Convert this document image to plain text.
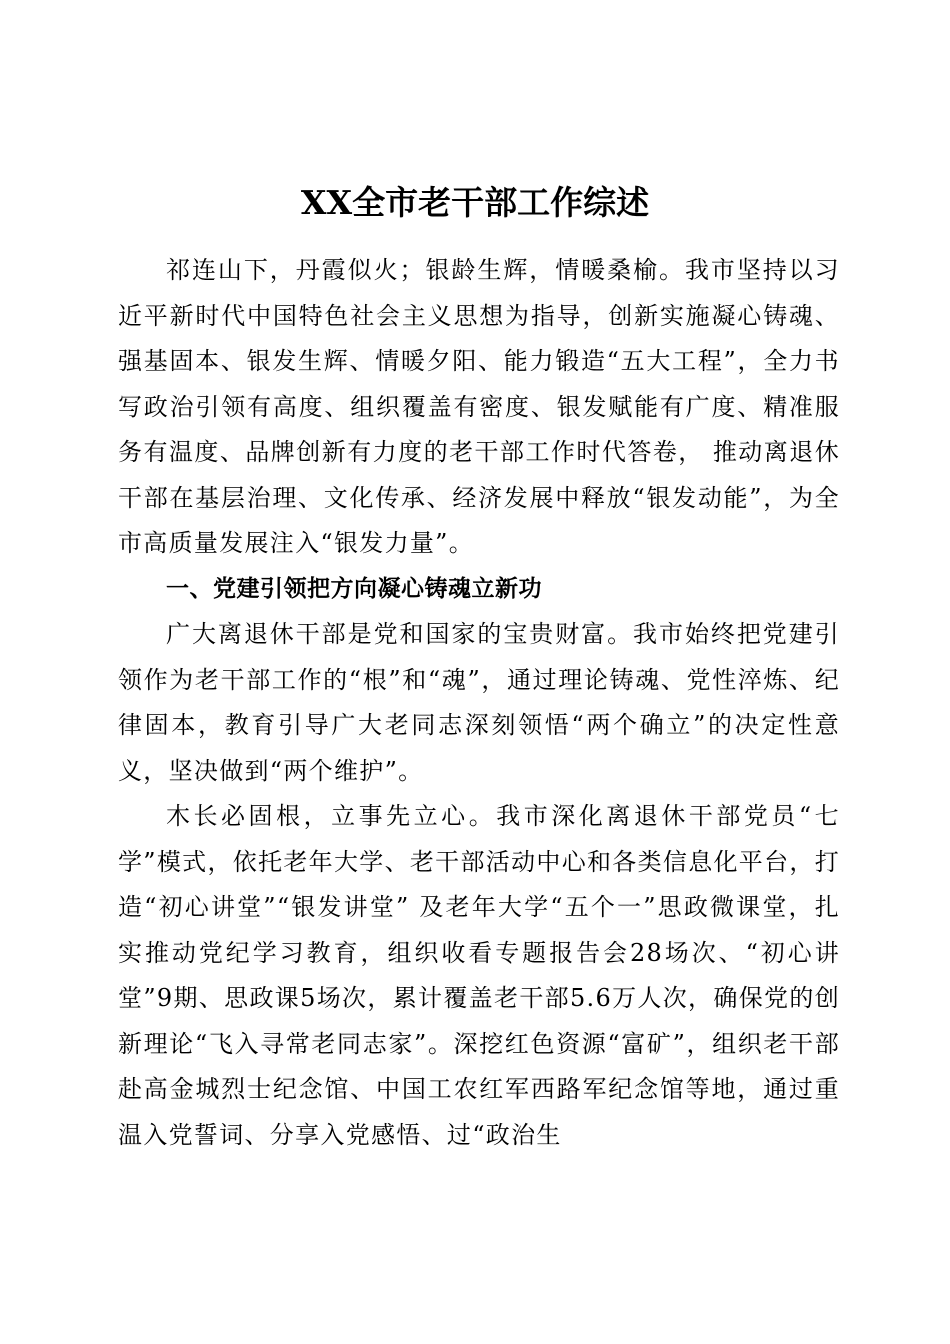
XX全市老干部工作综述

祁连山下，丹霞似火；银龄生辉，情暖桑榆。我市坚持以习近平新时代中国特色社会主义思想为指导，创新实施凝心铸魂、强基固本、银发生辉、情暖夕阳、能力锻造“五大工程”，全力书写政治引领有高度、组织覆盖有密度、银发赋能有广度、精准服务有温度、品牌创新有力度的老干部工作时代答卷， 推动离退休干部在基层治理、文化传承、经济发展中释放“银发动能”，为全市高质量发展注入“银发力量”。

一、党建引领把方向凝心铸魂立新功

广大离退休干部是党和国家的宝贵财富。我市始终把党建引领作为老干部工作的“根”和“魂”，通过理论铸魂、党性淬炼、纪律固本，教育引导广大老同志深刻领悟“两个确立”的决定性意义，坚决做到“两个维护”。

木长必固根，立事先立心。我市深化离退休干部党员“七学”模式，依托老年大学、老干部活动中心和各类信息化平台，打造“初心讲堂”“银发讲堂” 及老年大学“五个一”思政微课堂，扎实推动党纪学习教育，组织收看专题报告会28场次、“初心讲堂”9期、思政课5场次，累计覆盖老干部5.6万人次，确保党的创新理论“飞入寻常老同志家”。深挖红色资源“富矿”，组织老干部赴高金城烈士纪念馆、中国工农红军西路军纪念馆等地，通过重温入党誓词、分享入党感悟、过“政治生
